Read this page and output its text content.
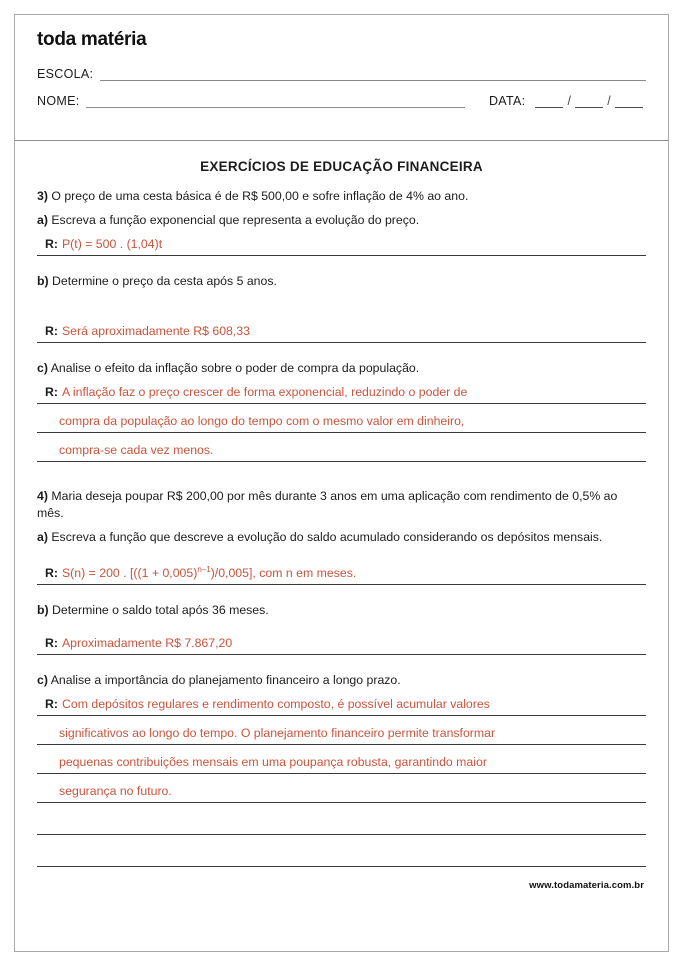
toda matéria
ESCOLA:
NOME:	DATA:	/	/
EXERCÍCIOS DE EDUCAÇÃO FINANCEIRA

3) O preço de uma cesta básica é de R$ 500,00 e sofre inflação de 4% ao ano.

a) Escreva a função exponencial que representa a evolução do preço.

R: P(t) = 500 . (1,04)t

b) Determine o preço da cesta após 5 anos.

R: Será aproximadamente R$ 608,33

c) Analise o efeito da inflação sobre o poder de compra da população.

R: A inflação faz o preço crescer de forma exponencial, reduzindo o poder de
compra da população ao longo do tempo com o mesmo valor em dinheiro,
compra-se cada vez menos.

4) Maria deseja poupar R$ 200,00 por mês durante 3 anos em uma aplicação com rendimento de 0,5% ao mês.

a) Escreva a função que descreve a evolução do saldo acumulado considerando os depósitos mensais.

R: S(n) = 200 . $[((1 + 0,005)^{n-1})/0,005]$, com n em meses.

b) Determine o saldo total após 36 meses.

R: Aproximadamente R$ 7.867,20

c) Analise a importância do planejamento financeiro a longo prazo.

R: Com depósitos regulares e rendimento composto, é possível acumular valores
significativos ao longo do tempo. O planejamento financeiro permite transformar
pequenas contribuições mensais em uma poupança robusta, garantindo maior
segurança no futuro.
www.todamateria.com.br
